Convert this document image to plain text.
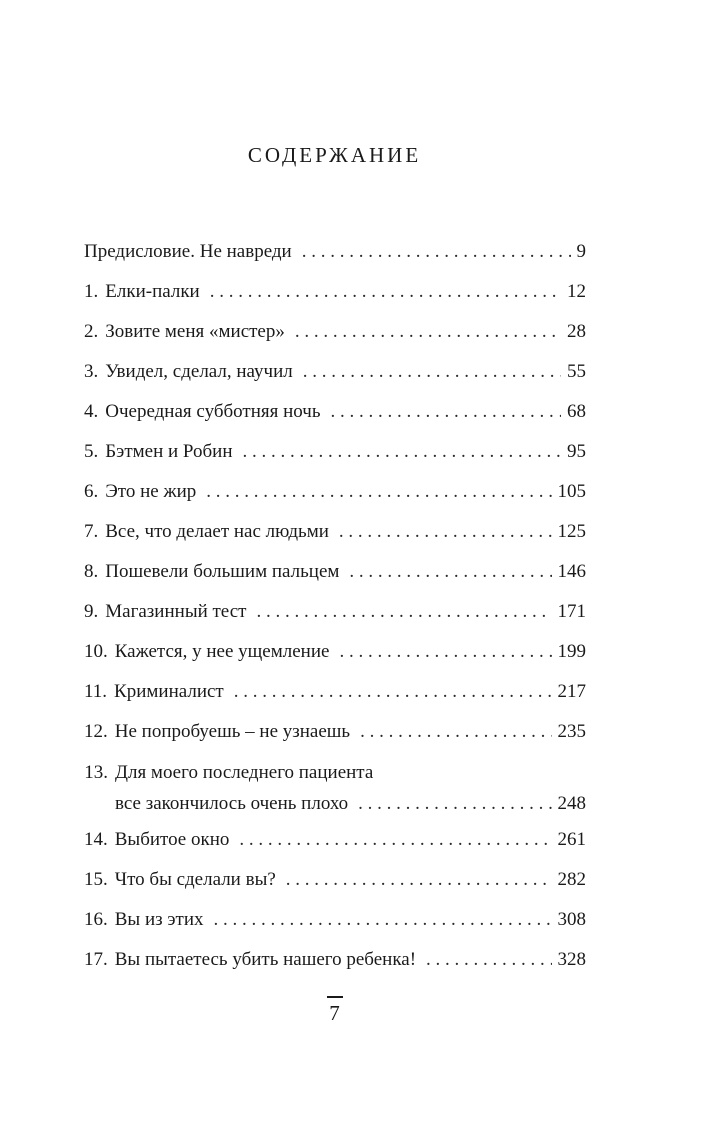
СОДЕРЖАНИЕ
Предисловие. Не навреди . . .	9
1. Елки-палки . . .	12
2. Зовите меня «мистер» . . .	28
3. Увидел, сделал, научил . . .	55
4. Очередная субботняя ночь . . .	68
5. Бэтмен и Робин . . .	95
6. Это не жир . . .	105
7. Все, что делает нас людьми . . .	125
8. Пошевели большим пальцем . . .	146
9. Магазинный тест . . .	171
10. Кажется, у нее ущемление . . .	199
11. Криминалист . . .	217
12. Не попробуешь – не узнаешь . . .	235
13. Для моего последнего пациента
все закончилось очень плохо . . .	248
14. Выбитое окно . . .	261
15. Что бы сделали вы? . . .	282
16. Вы из этих . . .	308
17. Вы пытаетесь убить нашего ребенка! . . .	328
7
